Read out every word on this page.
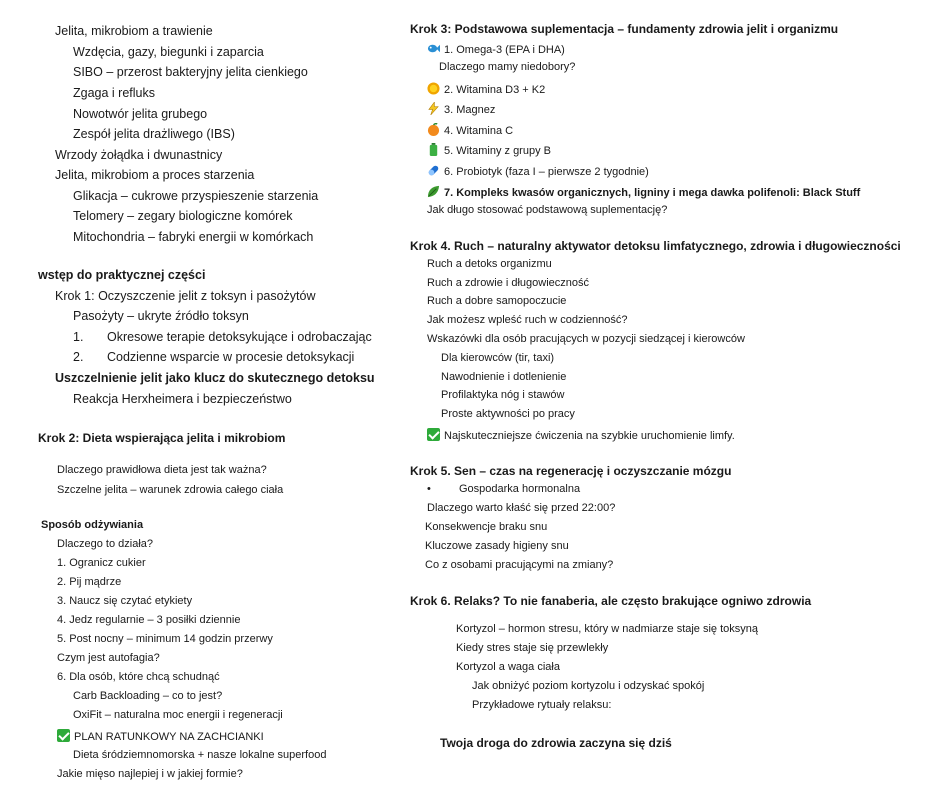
Jelita, mikrobiom a trawienie
Wzdęcia, gazy, biegunki i zaparcia
SIBO – przerost bakteryjny jelita cienkiego
Zgaga i refluks
Nowotwór jelita grubego
Zespół jelita drażliwego (IBS)
Wrzody żołądka i dwunastnicy
Jelita, mikrobiom a proces starzenia
Glikacja – cukrowe przyspieszenie starzenia
Telomery – zegary biologiczne komórek
Mitochondria – fabryki energii w komórkach
wstęp do praktycznej części
Krok 1: Oczyszczenie jelit z toksyn i pasożytów
Pasożyty – ukryte źródło toksyn
1. Okresowe terapie detoksykujące i odrobaczając
2. Codzienne wsparcie w procesie detoksykacji
Uszczelnienie jelit jako klucz do skutecznego detoksu
Reakcja Herxheimera i bezpieczeństwo
Krok 2: Dieta wspierająca jelita i mikrobiom
Dlaczego prawidłowa dieta jest tak ważna?
Szczelne jelita – warunek zdrowia całego ciała
Sposób odżywiania
Dlaczego to działa?
1. Ogranicz cukier
2. Pij mądrze
3. Naucz się czytać etykiety
4. Jedz regularnie – 3 posiłki dziennie
5. Post nocny – minimum 14 godzin przerwy
Czym jest autofagia?
6. Dla osób, które chcą schudnąć
Carb Backloading – co to jest?
OxiFit – naturalna moc energii i regeneracji
PLAN RATUNKOWY NA ZACHCIANKI
Dieta śródziemnomorska + nasze lokalne superfood
Jakie mięso najlepiej i w jakiej formie?
Krok 3: Podstawowa suplementacja – fundamenty zdrowia jelit i organizmu
1. Omega-3 (EPA i DHA)
Dlaczego mamy niedobory?
2. Witamina D3 + K2
3. Magnez
4. Witamina C
5. Witaminy z grupy B
6. Probiotyk (faza I – pierwsze 2 tygodnie)
7. Kompleks kwasów organicznych, ligniny i mega dawka polifenoli: Black Stuff
Jak długo stosować podstawową suplementację?
Krok 4. Ruch – naturalny aktywator detoksu limfatycznego, zdrowia i długowieczności
Ruch a detoks organizmu
Ruch a zdrowie i długowieczność
Ruch a dobre samopoczucie
Jak możesz wpleść ruch w codzienność?
Wskazówki dla osób pracujących w pozycji siedzącej i kierowców
Dla kierowców (tir, taxi)
Nawodnienie i dotlenienie
Profilaktyka nóg i stawów
Proste aktywności po pracy
Najskuteczniejsze ćwiczenia na szybkie uruchomienie limfy.
Krok 5. Sen – czas na regenerację i oczyszczanie mózgu
•	Gospodarka hormonalna
Dlaczego warto kłaść się przed 22:00?
Konsekwencje braku snu
Kluczowe zasady higieny snu
Co z osobami pracującymi na zmiany?
Krok 6. Relaks? To nie fanaberia, ale często brakujące ogniwo zdrowia
Kortyzol – hormon stresu, który w nadmiarze staje się toksyną
Kiedy stres staje się przewlekły
Kortyzol a waga ciała
Jak obniżyć poziom kortyzolu i odzyskać spokój
Przykładowe rytuały relaksu:
Twoja droga do zdrowia zaczyna się dziś
